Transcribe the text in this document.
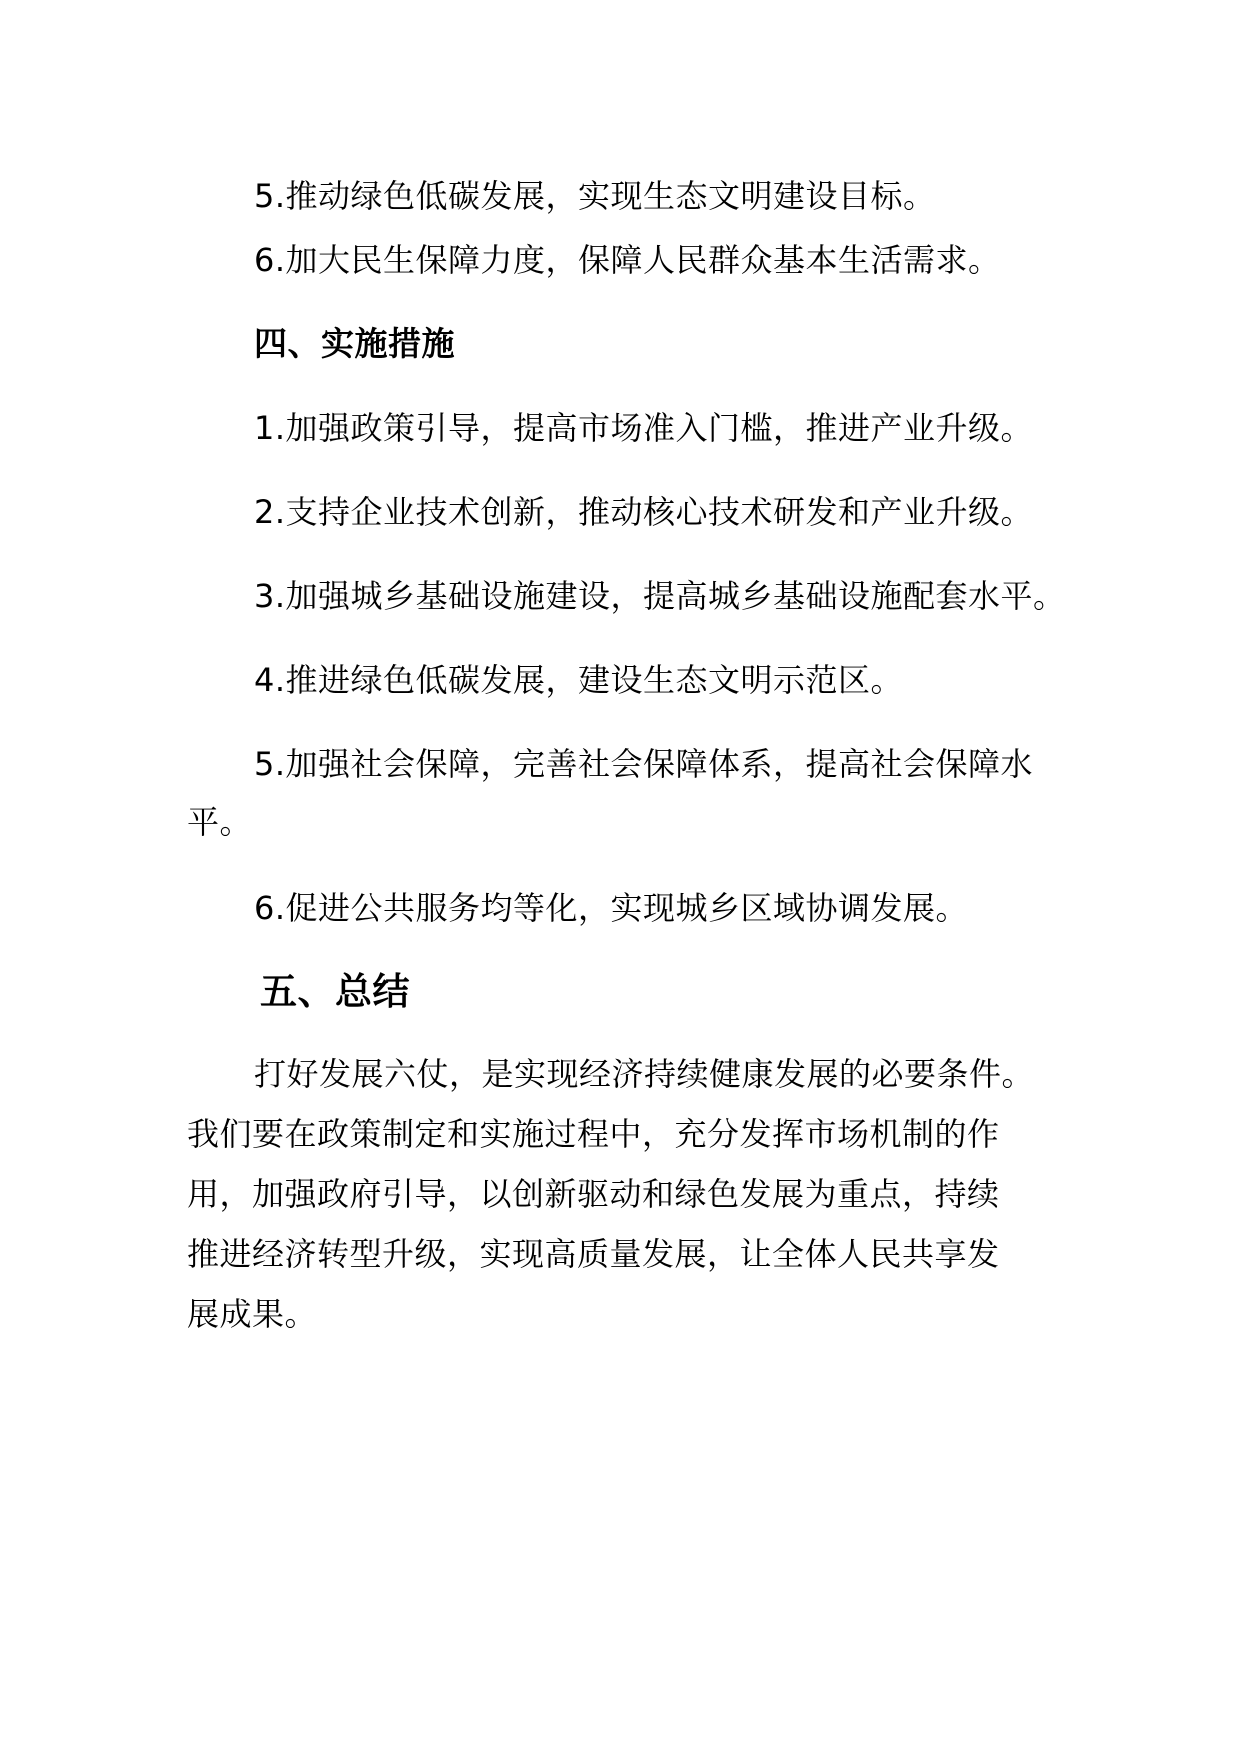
5.推动绿色低碳发展，实现生态文明建设目标。

6.加大民生保障力度，保障人民群众基本生活需求。

四、实施措施

1.加强政策引导，提高市场准入门槛，推进产业升级。

2.支持企业技术创新，推动核心技术研发和产业升级。

3.加强城乡基础设施建设，提高城乡基础设施配套水平。

4.推进绿色低碳发展，建设生态文明示范区。

5.加强社会保障，完善社会保障体系，提高社会保障水

平。

6.促进公共服务均等化，实现城乡区域协调发展。

五、总结

打好发展六仗，是实现经济持续健康发展的必要条件。

我们要在政策制定和实施过程中，充分发挥市场机制的作

用，加强政府引导，以创新驱动和绿色发展为重点，持续

推进经济转型升级，实现高质量发展，让全体人民共享发

展成果。
